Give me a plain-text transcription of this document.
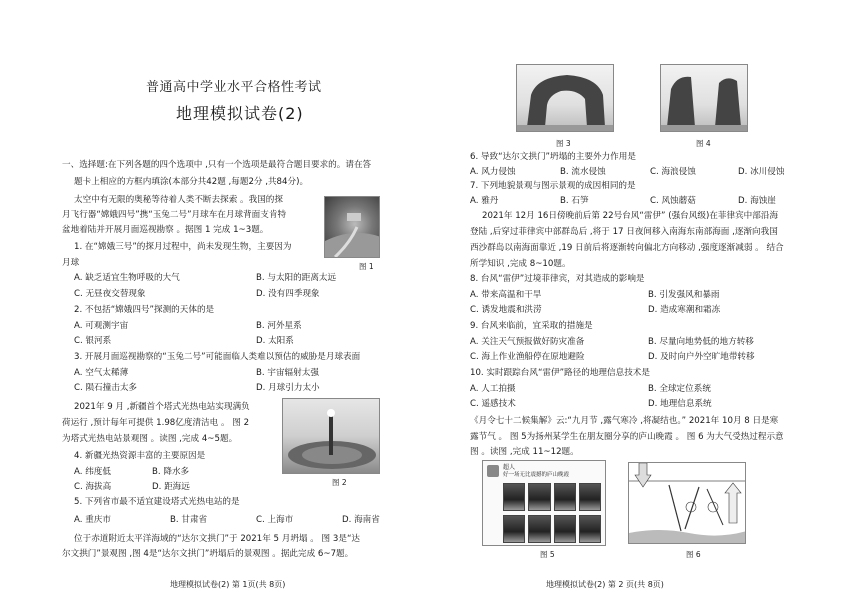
普通高中学业水平合格性考试
地理模拟试卷(2)
一、选择题:在下列各题的四个选项中 ,只有一个选项是最符合题目要求的。请在答
题卡上相应的方框内填涂(本部分共42题 ,每题2分 ,共84分)。
太空中有无限的奥秘等待着人类不断去探索 。我国的探
月飞行器“嫦娥四号”携“玉兔二号”月球车在月球背面支肯特
盆地着陆并开展月面巡视勘察 。据图 1 完成 1~3题。
图 1
1. 在“嫦娥三号”的探月过程中，尚未发现生物，主要因为
月球
A. 缺乏适宜生物呼吸的大气	B. 与太阳的距离太远
C. 无昼夜交替现象	D. 没有四季现象
2. 不包括“嫦娥四号”探测的天体的是
A. 可观测宇宙	B. 河外星系
C. 银河系	D. 太阳系
3. 开展月面巡视勘察的“玉兔二号”可能面临人类难以预估的威胁是月球表面
A. 空气太稀薄	B. 宇宙辐射太强
C. 陨石撞击太多	D. 月球引力太小
2021年 9 月 ,新疆首个塔式光热电站实现满负
荷运行 ,预计每年可提供 1.98亿度清洁电 。 图 2
为塔式光热电站景观图 。读图 ,完成 4~5题。
图 2
4. 新疆光热资源丰富的主要原因是
A. 纬度低	B. 降水多
C. 海拔高	D. 距海远
5. 下列省市最不适宜建设塔式光热电站的是
A. 重庆市	B. 甘肃省	C. 上海市	D. 海南省
位于赤道附近太平洋海域的“达尔文拱门”于 2021年 5 月坍塌 。 图 3是“达
尔文拱门”景观图 ,图 4是“达尔文拱门”坍塌后的景观图 。据此完成 6~7题。
地理模拟试卷(2) 第 1页(共 8页)
图 3	图 4
6. 导致“达尔文拱门”坍塌的主要外力作用是
A. 风力侵蚀	B. 流水侵蚀	C. 海浪侵蚀	D. 冰川侵蚀
7. 下列地貌景观与图示景观的成因相同的是
A. 雅丹	B. 石笋	C. 风蚀蘑菇	D. 海蚀崖
2021年 12月 16日傍晚前后第 22号台风“雷伊” (强台风级)在菲律宾中部沿海
登陆 ,后穿过菲律宾中部群岛后 ,将于 17 日夜间移入南海东南部海面 ,逐渐向我国
西沙群岛以南海面靠近 ,19 日前后将逐渐转向偏北方向移动 ,强度逐渐减弱 。 结合
所学知识 ,完成 8~10题。
8. 台风“雷伊”过境菲律宾，对其造成的影响是
A. 带来高温和干旱	B. 引发强风和暴雨
C. 诱发地震和洪涝	D. 造成寒潮和霜冻
9. 台风来临前，宜采取的措施是
A. 关注天气预报做好防灾准备	B. 尽量向地势低的地方转移
C. 海上作业渔船停在原地避险	D. 及时向户外空旷地带转移
10. 实时跟踪台风“雷伊”路径的地理信息技术是
A. 人工拍摄	B. 全球定位系统
C. 遥感技术	D. 地理信息系统
《月令七十二候集解》云:“九月节 ,露气寒冷 ,将凝结也。” 2021年 10月 8 日是寒
露节气 。 图 5为扬州某学生在朋友圈分享的庐山晚霞 。 图 6 为大气受热过程示意
图 。读图 ,完成 11~12题。
超人
好一场无比震撼的庐山晚霞
图 5	图 6
地理模拟试卷(2) 第 2 页(共 8页)
